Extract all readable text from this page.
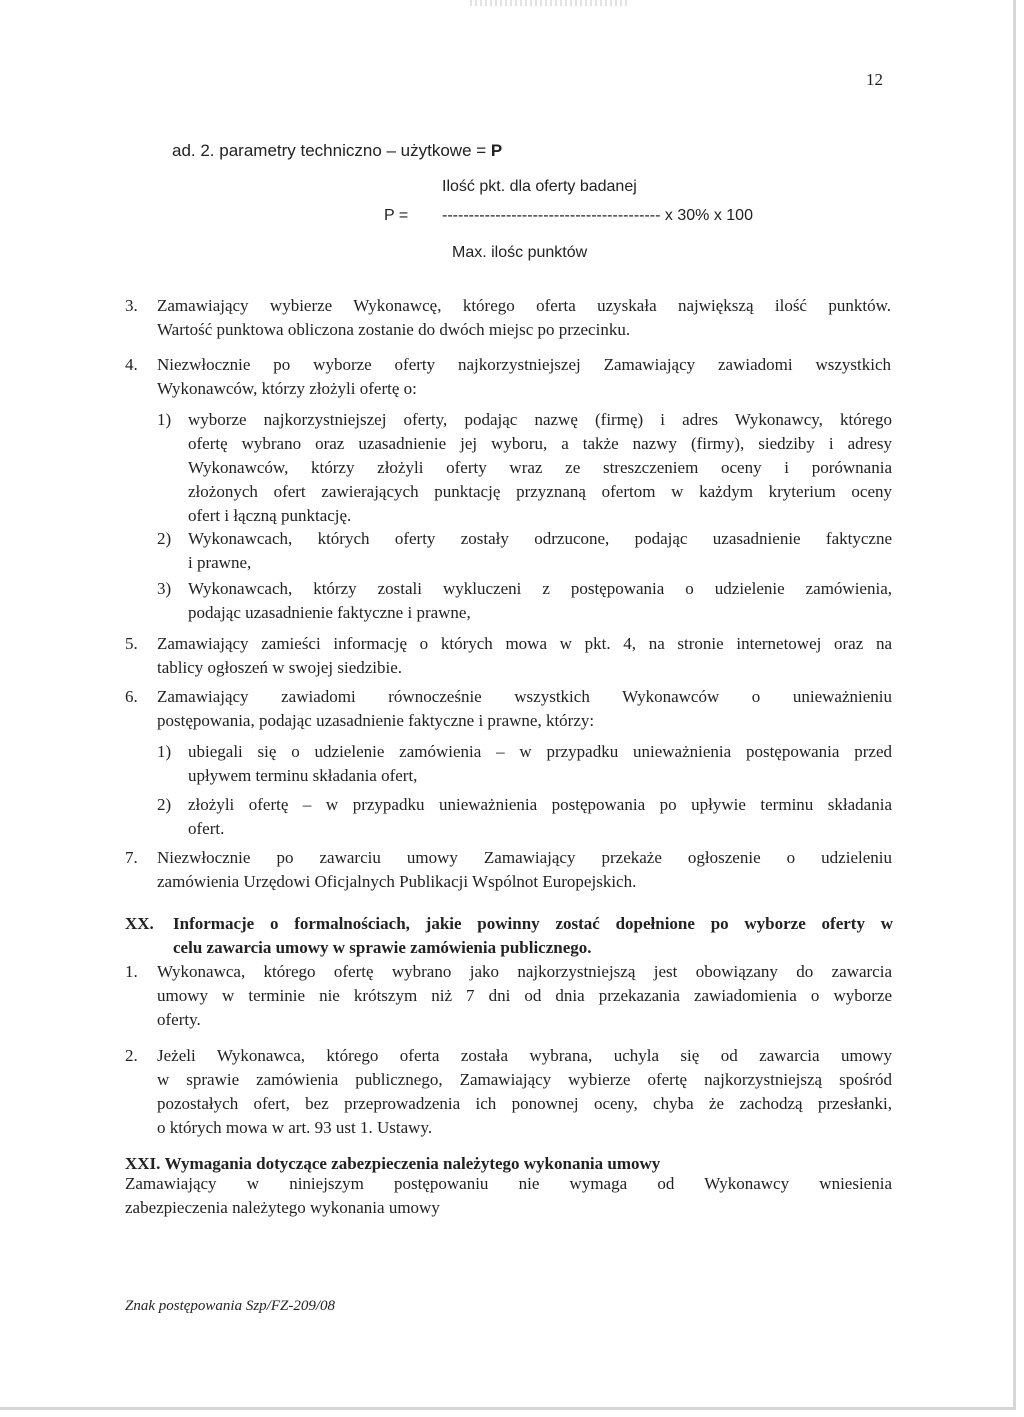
12
ad. 2. parametry techniczno – użytkowe = P
Ilość pkt. dla oferty badanej
P = ----------------------------------------- x 30% x 100
Max. ilośc punktów
3.	Zamawiający wybierze Wykonawcę, którego oferta uzyskała największą ilość punktów.
Wartość punktowa obliczona zostanie do dwóch miejsc po przecinku.
4.	Niezwłocznie po wyborze oferty najkorzystniejszej Zamawiający zawiadomi wszystkich
Wykonawców, którzy złożyli ofertę o:
1) wyborze najkorzystniejszej oferty, podając nazwę (firmę) i adres Wykonawcy, którego
ofertę wybrano oraz uzasadnienie jej wyboru, a także nazwy (firmy), siedziby i adresy
Wykonawców, którzy złożyli oferty wraz ze streszczeniem oceny i porównania
złożonych ofert zawierających punktację przyznaną ofertom w każdym kryterium oceny
ofert i łączną punktację.
2) Wykonawcach, których oferty zostały odrzucone, podając uzasadnienie faktyczne
i prawne,
3) Wykonawcach, którzy zostali wykluczeni z postępowania o udzielenie zamówienia,
podając uzasadnienie faktyczne i prawne,
5.	Zamawiający zamieści informację o których mowa w pkt. 4, na stronie internetowej oraz na
tablicy ogłoszeń w swojej siedzibie.
6.	Zamawiający zawiadomi równocześnie wszystkich Wykonawców o unieważnieniu
postępowania, podając uzasadnienie faktyczne i prawne, którzy:
1) ubiegali się o udzielenie zamówienia – w przypadku unieważnienia postępowania przed
upływem terminu składania ofert,
2) złożyli ofertę – w przypadku unieważnienia postępowania po upływie terminu składania
ofert.
7.	Niezwłocznie po zawarciu umowy Zamawiający przekaże ogłoszenie o udzieleniu
zamówienia Urzędowi Oficjalnych Publikacji Wspólnot Europejskich.
XX. Informacje o formalnościach, jakie powinny zostać dopełnione po wyborze oferty w
celu zawarcia umowy w sprawie zamówienia publicznego.
1.	Wykonawca, którego ofertę wybrano jako najkorzystniejszą jest obowiązany do zawarcia
umowy w terminie nie krótszym niż 7 dni od dnia przekazania zawiadomienia o wyborze
oferty.
2.	Jeżeli Wykonawca, którego oferta została wybrana, uchyla się od zawarcia umowy
w sprawie zamówienia publicznego, Zamawiający wybierze ofertę najkorzystniejszą spośród
pozostałych ofert, bez przeprowadzenia ich ponownej oceny, chyba że zachodzą przesłanki,
o których mowa w art. 93 ust 1. Ustawy.
XXI. Wymagania dotyczące zabezpieczenia należytego wykonania umowy
Zamawiający w niniejszym postępowaniu nie wymaga od Wykonawcy wniesienia
zabezpieczenia należytego wykonania umowy
Znak postępowania Szp/FZ-209/08
